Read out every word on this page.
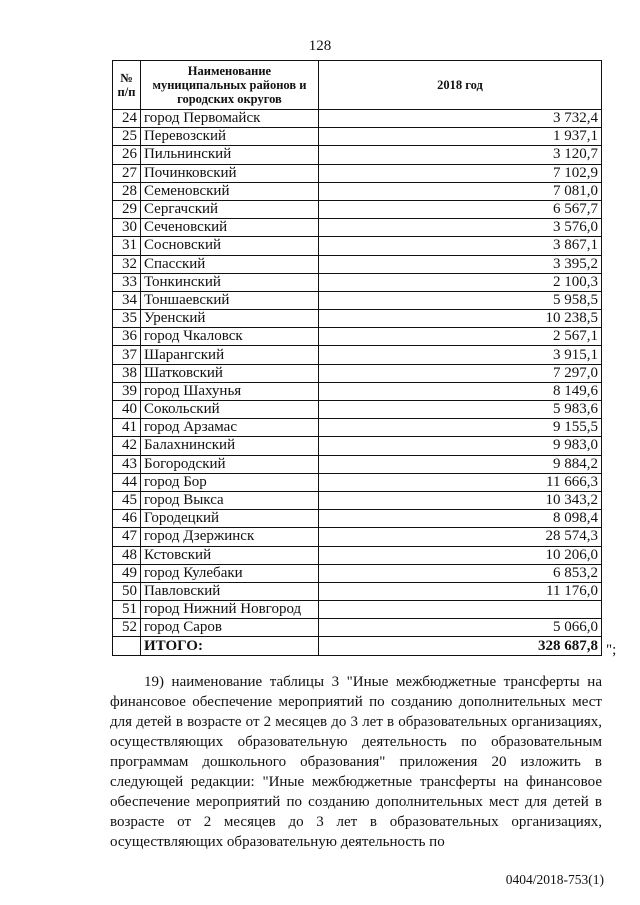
128
№ п/п	Наименование муниципальных районов и городских округов	2018 год
24	город Первомайск	3 732,4
25	Перевозский	1 937,1
26	Пильнинский	3 120,7
27	Починковский	7 102,9
28	Семеновский	7 081,0
29	Сергачский	6 567,7
30	Сеченовский	3 576,0
31	Сосновский	3 867,1
32	Спасский	3 395,2
33	Тонкинский	2 100,3
34	Тоншаевский	5 958,5
35	Уренский	10 238,5
36	город Чкаловск	2 567,1
37	Шарангский	3 915,1
38	Шатковский	7 297,0
39	город Шахунья	8 149,6
40	Сокольский	5 983,6
41	город Арзамас	9 155,5
42	Балахнинский	9 983,0
43	Богородский	9 884,2
44	город Бор	11 666,3
45	город Выкса	10 343,2
46	Городецкий	8 098,4
47	город Дзержинск	28 574,3
48	Кстовский	10 206,0
49	город Кулебаки	6 853,2
50	Павловский	11 176,0
51	город Нижний Новгород	
52	город Саров	5 066,0
	ИТОГО:	328 687,8 ";
19) наименование таблицы 3 "Иные межбюджетные трансферты на финансовое обеспечение мероприятий по созданию дополнительных мест для детей в возрасте от 2 месяцев до 3 лет в образовательных организациях, осуществляющих образовательную деятельность по образовательным программам дошкольного образования" приложения 20 изложить в следующей редакции: "Иные межбюджетные трансферты на финансовое обеспечение мероприятий по созданию дополнительных мест для детей в возрасте от 2 месяцев до 3 лет в образовательных организациях, осуществляющих образовательную деятельность по
0404/2018-753(1)
